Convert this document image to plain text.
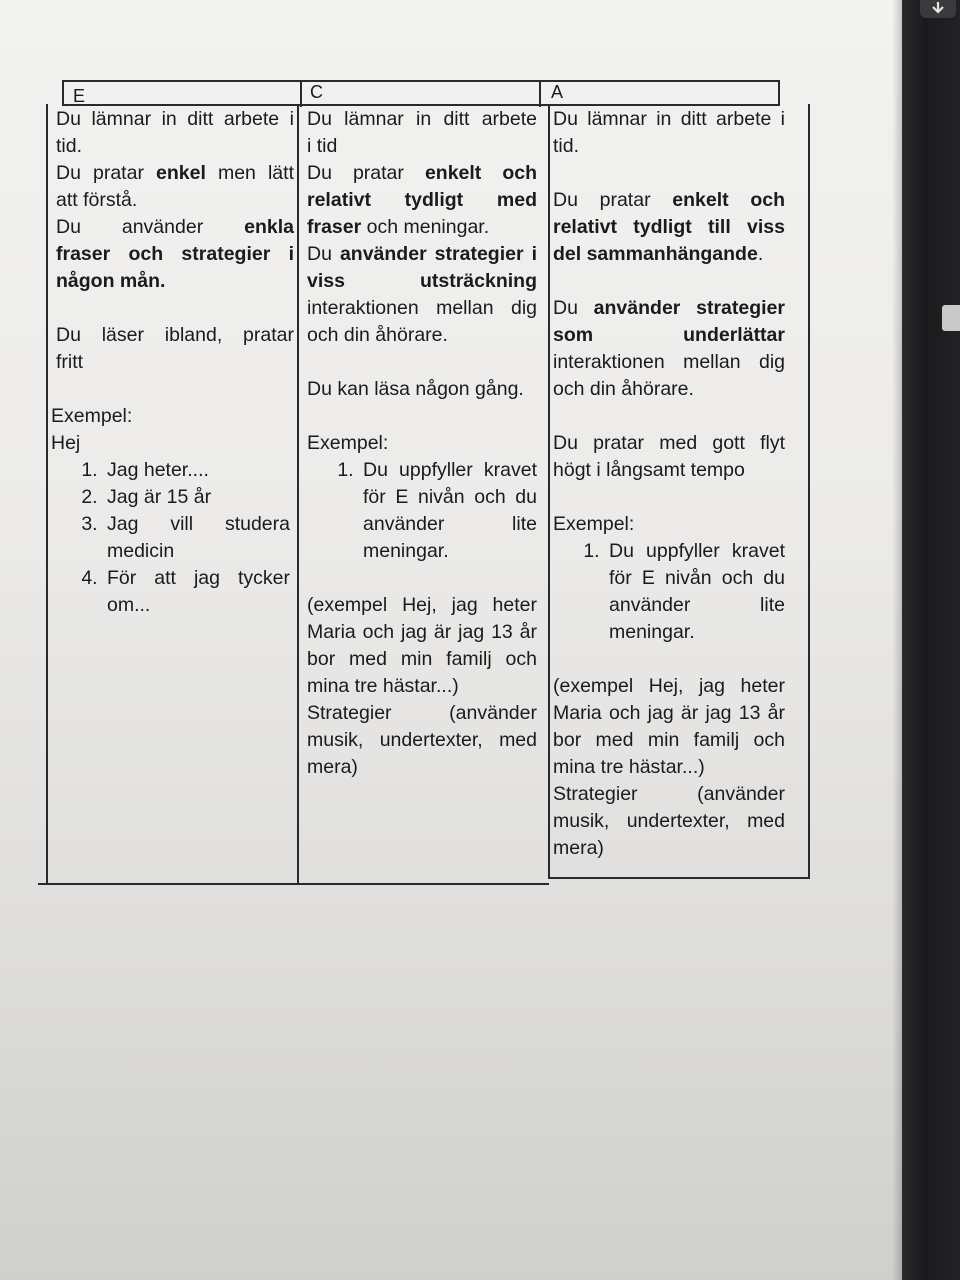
E	C	A

Du lämnar in ditt arbete i

tid.

Du pratar enkel men lätt

att förstå.

Du använder enkla

fraser och strategier i

någon mån.

Du läser ibland, pratar

fritt

Exempel:

Hej

1. Jag heter....
2. Jag är 15 år
3. Jag vill studera medicin
4. För att jag tycker om...

Du lämnar in ditt arbete

i tid

Du pratar enkelt och

relativt tydligt med

fraser och meningar.

Du använder strategier i

viss utsträckning

interaktionen mellan dig

och din åhörare.

Du kan läsa någon gång.

Exempel:

1. Du uppfyller kravet för E nivån och du använder lite meningar.

(exempel Hej, jag heter Maria och jag är jag 13 år bor med min familj och mina tre hästar...)

Strategier (använder musik, undertexter, med mera)

Du lämnar in ditt arbete i

tid.

Du pratar enkelt och

relativt tydligt till viss

del sammanhängande.

Du använder strategier

som underlättar

interaktionen mellan dig

och din åhörare.

Du pratar med gott flyt högt i långsamt tempo

Exempel:

1. Du uppfyller kravet för E nivån och du använder lite meningar.

(exempel Hej, jag heter Maria och jag är jag 13 år bor med min familj och mina tre hästar...)

Strategier (använder musik, undertexter, med mera)
